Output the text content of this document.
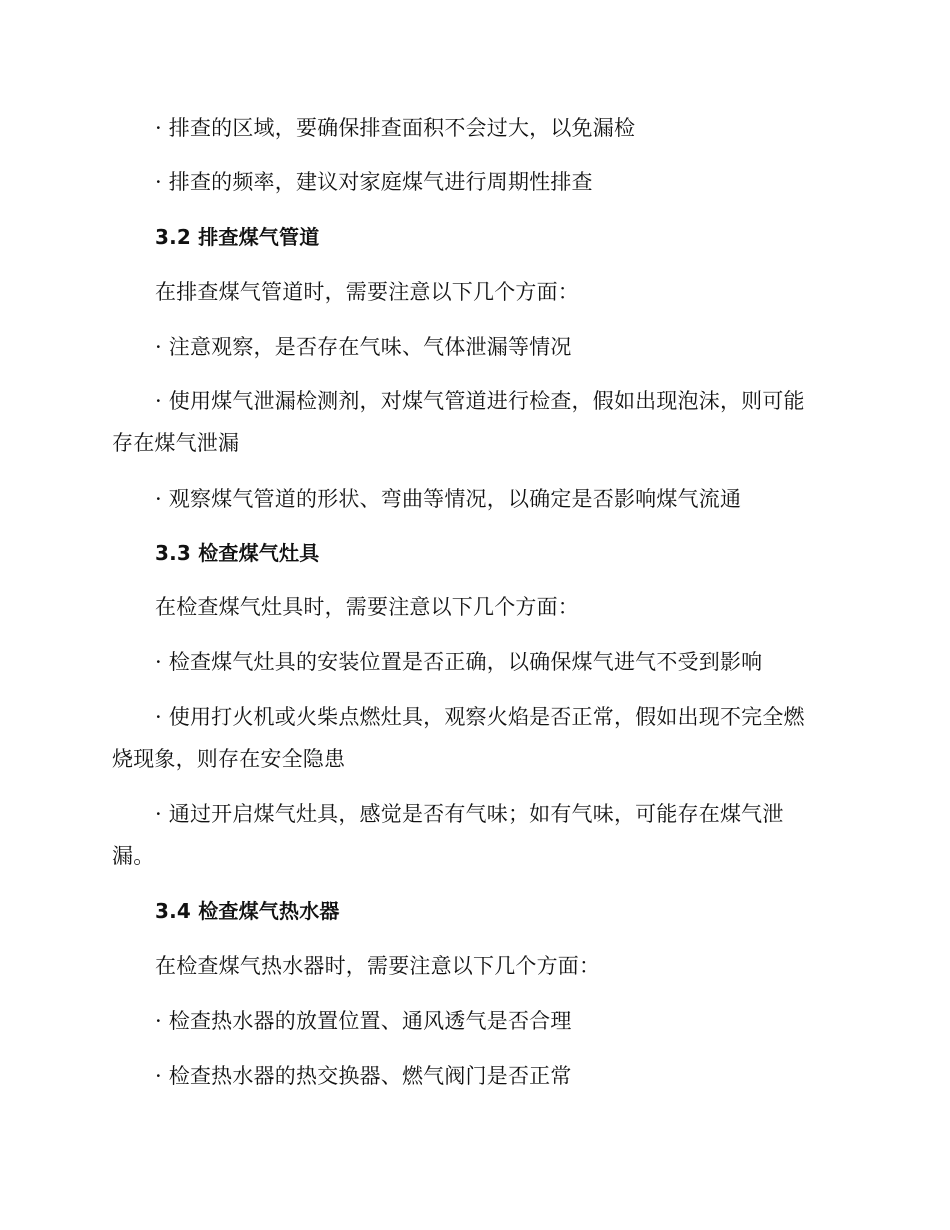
· 排查的区域，要确保排查面积不会过大，以免漏检
· 排查的频率，建议对家庭煤气进行周期性排查
3.2 排查煤气管道
在排查煤气管道时，需要注意以下几个方面：
· 注意观察，是否存在气味、气体泄漏等情况
· 使用煤气泄漏检测剂，对煤气管道进行检查，假如出现泡沫，则可能
存在煤气泄漏
· 观察煤气管道的形状、弯曲等情况，以确定是否影响煤气流通
3.3 检查煤气灶具
在检查煤气灶具时，需要注意以下几个方面：
· 检查煤气灶具的安装位置是否正确，以确保煤气进气不受到影响
· 使用打火机或火柴点燃灶具，观察火焰是否正常，假如出现不完全燃
烧现象，则存在安全隐患
· 通过开启煤气灶具，感觉是否有气味；如有气味，可能存在煤气泄
漏。
3.4 检查煤气热水器
在检查煤气热水器时，需要注意以下几个方面：
· 检查热水器的放置位置、通风透气是否合理
· 检查热水器的热交换器、燃气阀门是否正常
